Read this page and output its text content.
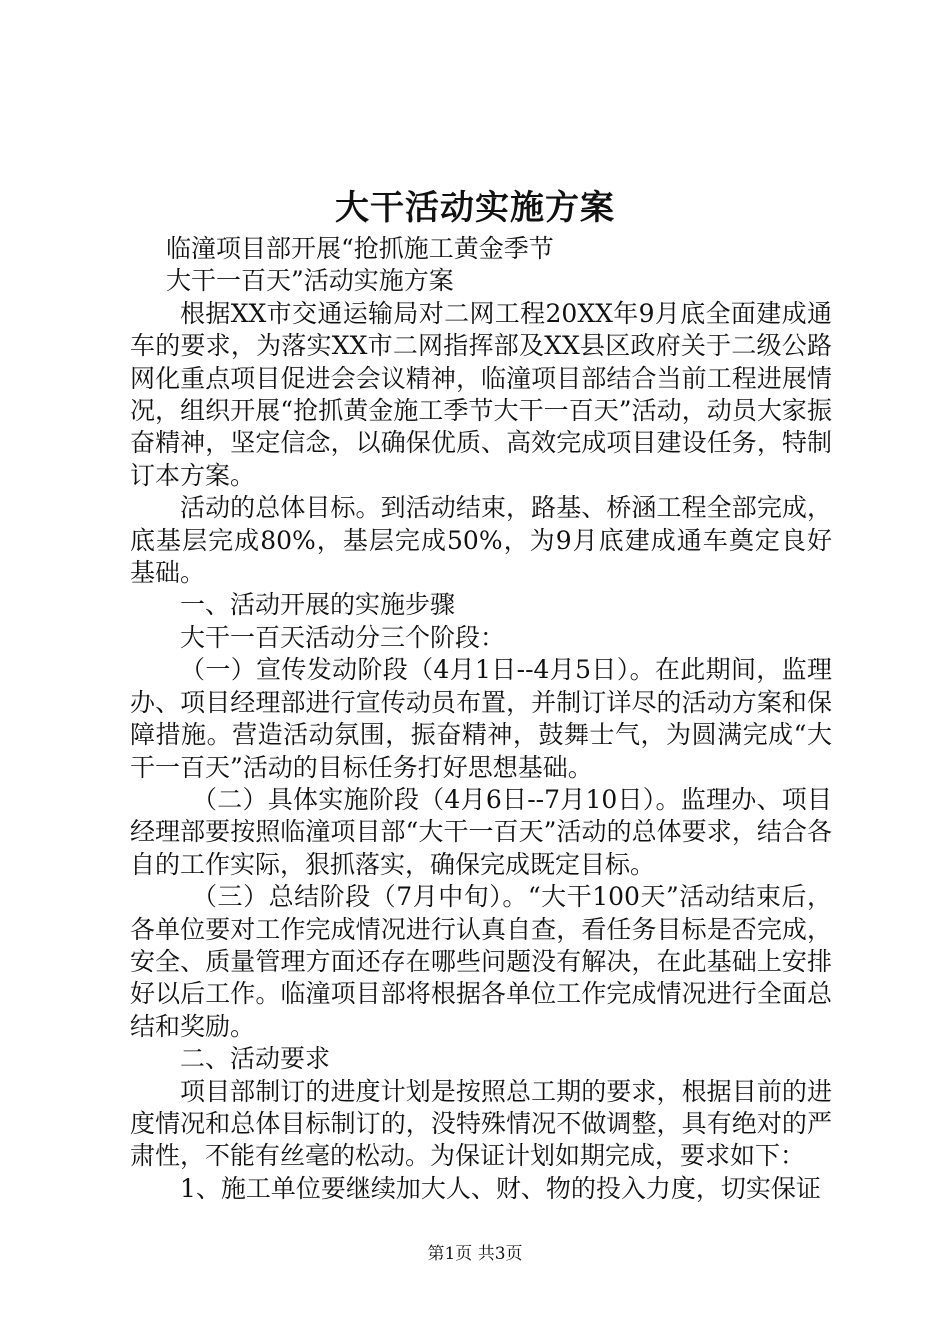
大干活动实施方案

临潼项目部开展“抢抓施工黄金季节

大干一百天”活动实施方案

根据XX市交通运输局对二网工程20XX年9月底全面建成通车的要求，为落实XX市二网指挥部及XX县区政府关于二级公路网化重点项目促进会会议精神，临潼项目部结合当前工程进展情况，组织开展“抢抓黄金施工季节大干一百天”活动，动员大家振奋精神，坚定信念，以确保优质、高效完成项目建设任务，特制订本方案。

活动的总体目标。到活动结束，路基、桥涵工程全部完成，底基层完成80%，基层完成50%，为9月底建成通车奠定良好基础。

一、活动开展的实施步骤

大干一百天活动分三个阶段：

（一）宣传发动阶段（4月1日--4月5日）。在此期间，监理办、项目经理部进行宣传动员布置，并制订详尽的活动方案和保障措施。营造活动氛围，振奋精神，鼓舞士气，为圆满完成“大干一百天”活动的目标任务打好思想基础。

（二）具体实施阶段（4月6日--7月10日）。监理办、项目经理部要按照临潼项目部“大干一百天”活动的总体要求，结合各自的工作实际，狠抓落实，确保完成既定目标。

（三）总结阶段（7月中旬）。“大干100天”活动结束后，各单位要对工作完成情况进行认真自查，看任务目标是否完成，安全、质量管理方面还存在哪些问题没有解决，在此基础上安排好以后工作。临潼项目部将根据各单位工作完成情况进行全面总结和奖励。

二、活动要求

项目部制订的进度计划是按照总工期的要求，根据目前的进度情况和总体目标制订的，没特殊情况不做调整，具有绝对的严肃性，不能有丝毫的松动。为保证计划如期完成，要求如下：

1、施工单位要继续加大人、财、物的投入力度，切实保证

第1页 共3页
